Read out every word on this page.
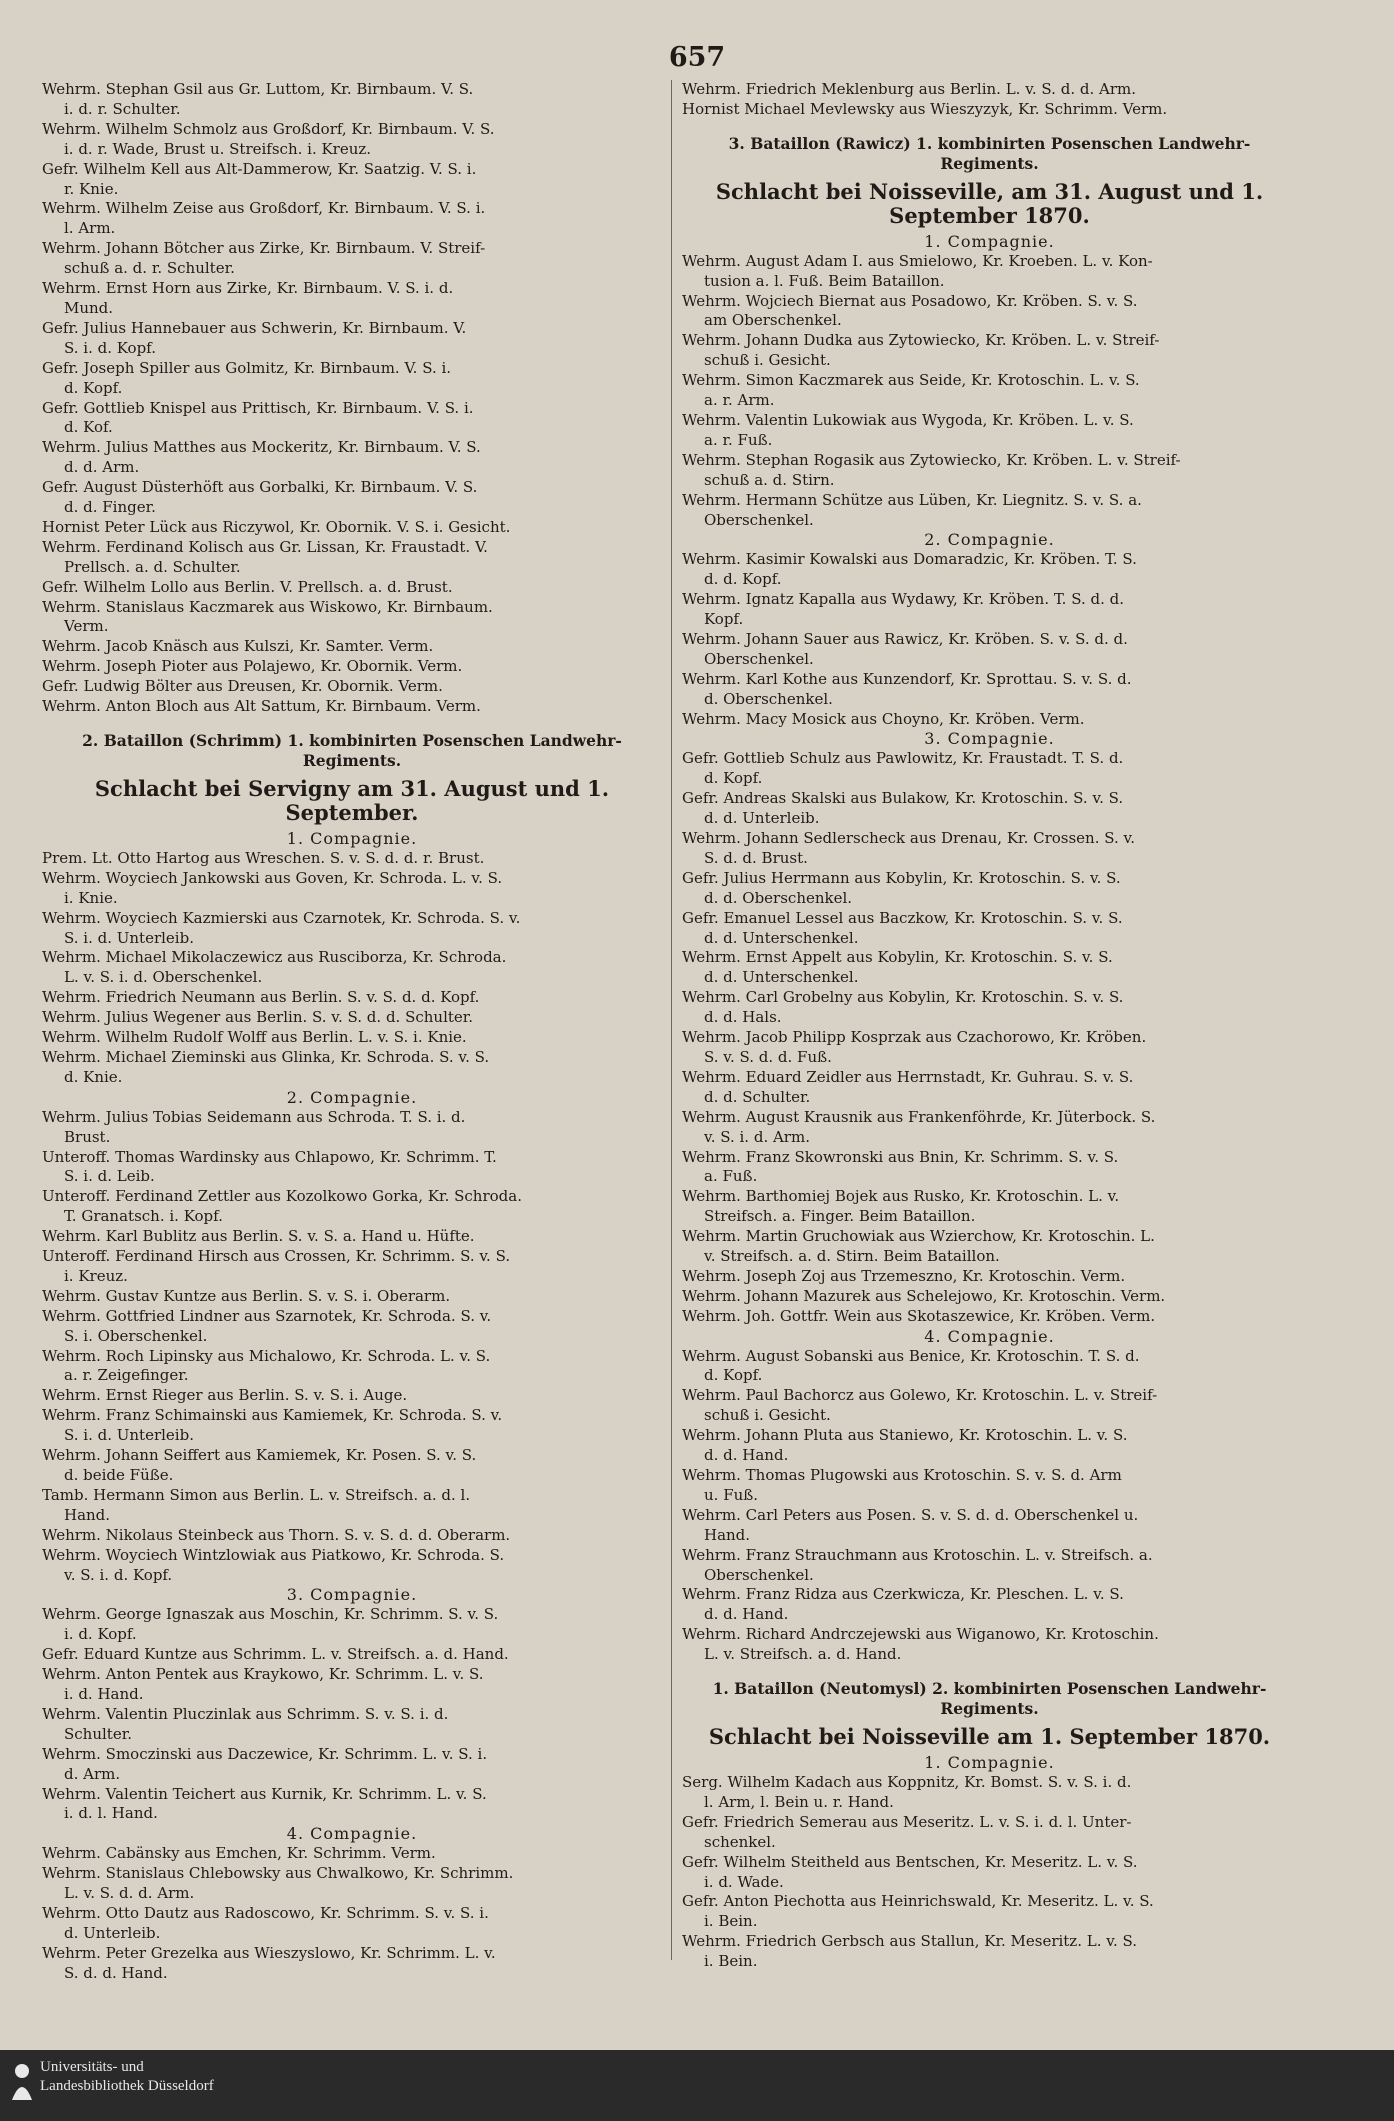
657

Wehrm. Stephan Gsil aus Gr. Luttom, Kr. Birnbaum. V. S.
i. d. r. Schulter.

Wehrm. Wilhelm Schmolz aus Großdorf, Kr. Birnbaum. V. S.
i. d. r. Wade, Brust u. Streifsch. i. Kreuz.

Gefr. Wilhelm Kell aus Alt-Dammerow, Kr. Saatzig. V. S. i.
r. Knie.

Wehrm. Wilhelm Zeise aus Großdorf, Kr. Birnbaum. V. S. i.
l. Arm.

Wehrm. Johann Bötcher aus Zirke, Kr. Birnbaum. V. Streif-
schuß a. d. r. Schulter.

Wehrm. Ernst Horn aus Zirke, Kr. Birnbaum. V. S. i. d.
Mund.

Gefr. Julius Hannebauer aus Schwerin, Kr. Birnbaum. V.
S. i. d. Kopf.

Gefr. Joseph Spiller aus Golmitz, Kr. Birnbaum. V. S. i.
d. Kopf.

Gefr. Gottlieb Knispel aus Prittisch, Kr. Birnbaum. V. S. i.
d. Kof.

Wehrm. Julius Matthes aus Mockeritz, Kr. Birnbaum. V. S.
d. d. Arm.

Gefr. August Düsterhöft aus Gorbalki, Kr. Birnbaum. V. S.
d. d. Finger.

Hornist Peter Lück aus Riczywol, Kr. Obornik. V. S. i. Gesicht.

Wehrm. Ferdinand Kolisch aus Gr. Lissan, Kr. Fraustadt. V.
Prellsch. a. d. Schulter.

Gefr. Wilhelm Lollo aus Berlin. V. Prellsch. a. d. Brust.

Wehrm. Stanislaus Kaczmarek aus Wiskowo, Kr. Birnbaum.
Verm.

Wehrm. Jacob Knäsch aus Kulszi, Kr. Samter. Verm.

Wehrm. Joseph Pioter aus Polajewo, Kr. Obornik. Verm.

Gefr. Ludwig Bölter aus Dreusen, Kr. Obornik. Verm.

Wehrm. Anton Bloch aus Alt Sattum, Kr. Birnbaum. Verm.

2. Bataillon (Schrimm) 1. kombinirten Posenschen Landwehr-Regiments.
Schlacht bei Servigny am 31. August und 1. September.
1. Compagnie.

Prem. Lt. Otto Hartog aus Wreschen. S. v. S. d. d. r. Brust.

Wehrm. Woyciech Jankowski aus Goven, Kr. Schroda. L. v. S.
i. Knie.

Wehrm. Woyciech Kazmierski aus Czarnotek, Kr. Schroda. S. v.
S. i. d. Unterleib.

Wehrm. Michael Mikolaczewicz aus Rusciborza, Kr. Schroda.
L. v. S. i. d. Oberschenkel.

Wehrm. Friedrich Neumann aus Berlin. S. v. S. d. d. Kopf.

Wehrm. Julius Wegener aus Berlin. S. v. S. d. d. Schulter.

Wehrm. Wilhelm Rudolf Wolff aus Berlin. L. v. S. i. Knie.

Wehrm. Michael Zieminski aus Glinka, Kr. Schroda. S. v. S.
d. Knie.

2. Compagnie.

Wehrm. Julius Tobias Seidemann aus Schroda. T. S. i. d.
Brust.

Unteroff. Thomas Wardinsky aus Chlapowo, Kr. Schrimm. T.
S. i. d. Leib.

Unteroff. Ferdinand Zettler aus Kozolkowo Gorka, Kr. Schroda.
T. Granatsch. i. Kopf.

Wehrm. Karl Bublitz aus Berlin. S. v. S. a. Hand u. Hüfte.

Unteroff. Ferdinand Hirsch aus Crossen, Kr. Schrimm. S. v. S.
i. Kreuz.

Wehrm. Gustav Kuntze aus Berlin. S. v. S. i. Oberarm.

Wehrm. Gottfried Lindner aus Szarnotek, Kr. Schroda. S. v.
S. i. Oberschenkel.

Wehrm. Roch Lipinsky aus Michalowo, Kr. Schroda. L. v. S.
a. r. Zeigefinger.

Wehrm. Ernst Rieger aus Berlin. S. v. S. i. Auge.

Wehrm. Franz Schimainski aus Kamiemek, Kr. Schroda. S. v.
S. i. d. Unterleib.

Wehrm. Johann Seiffert aus Kamiemek, Kr. Posen. S. v. S.
d. beide Füße.

Tamb. Hermann Simon aus Berlin. L. v. Streifsch. a. d. l.
Hand.

Wehrm. Nikolaus Steinbeck aus Thorn. S. v. S. d. d. Oberarm.

Wehrm. Woyciech Wintzlowiak aus Piatkowo, Kr. Schroda. S.
v. S. i. d. Kopf.

3. Compagnie.

Wehrm. George Ignaszak aus Moschin, Kr. Schrimm. S. v. S.
i. d. Kopf.

Gefr. Eduard Kuntze aus Schrimm. L. v. Streifsch. a. d. Hand.

Wehrm. Anton Pentek aus Kraykowo, Kr. Schrimm. L. v. S.
i. d. Hand.

Wehrm. Valentin Pluczinlak aus Schrimm. S. v. S. i. d.
Schulter.

Wehrm. Smoczinski aus Daczewice, Kr. Schrimm. L. v. S. i.
d. Arm.

Wehrm. Valentin Teichert aus Kurnik, Kr. Schrimm. L. v. S.
i. d. l. Hand.

4. Compagnie.

Wehrm. Cabänsky aus Emchen, Kr. Schrimm. Verm.

Wehrm. Stanislaus Chlebowsky aus Chwalkowo, Kr. Schrimm.
L. v. S. d. d. Arm.

Wehrm. Otto Dautz aus Radoscowo, Kr. Schrimm. S. v. S. i.
d. Unterleib.

Wehrm. Peter Grezelka aus Wieszyslowo, Kr. Schrimm. L. v.
S. d. d. Hand.

Wehrm. Friedrich Meklenburg aus Berlin. L. v. S. d. d. Arm.

Hornist Michael Mevlewsky aus Wieszyzyk, Kr. Schrimm. Verm.

3. Bataillon (Rawicz) 1. kombinirten Posenschen Landwehr-Regiments.
Schlacht bei Noisseville, am 31. August und 1. September 1870.
1. Compagnie.

Wehrm. August Adam I. aus Smielowo, Kr. Kroeben. L. v. Kon-
tusion a. l. Fuß. Beim Bataillon.

Wehrm. Wojciech Biernat aus Posadowo, Kr. Kröben. S. v. S.
am Oberschenkel.

Wehrm. Johann Dudka aus Zytowiecko, Kr. Kröben. L. v. Streif-
schuß i. Gesicht.

Wehrm. Simon Kaczmarek aus Seide, Kr. Krotoschin. L. v. S.
a. r. Arm.

Wehrm. Valentin Lukowiak aus Wygoda, Kr. Kröben. L. v. S.
a. r. Fuß.

Wehrm. Stephan Rogasik aus Zytowiecko, Kr. Kröben. L. v. Streif-
schuß a. d. Stirn.

Wehrm. Hermann Schütze aus Lüben, Kr. Liegnitz. S. v. S. a.
Oberschenkel.

2. Compagnie.

Wehrm. Kasimir Kowalski aus Domaradzic, Kr. Kröben. T. S.
d. d. Kopf.

Wehrm. Ignatz Kapalla aus Wydawy, Kr. Kröben. T. S. d. d.
Kopf.

Wehrm. Johann Sauer aus Rawicz, Kr. Kröben. S. v. S. d. d.
Oberschenkel.

Wehrm. Karl Kothe aus Kunzendorf, Kr. Sprottau. S. v. S. d.
d. Oberschenkel.

Wehrm. Macy Mosick aus Choyno, Kr. Kröben. Verm.

3. Compagnie.

Gefr. Gottlieb Schulz aus Pawlowitz, Kr. Fraustadt. T. S. d.
d. Kopf.

Gefr. Andreas Skalski aus Bulakow, Kr. Krotoschin. S. v. S.
d. d. Unterleib.

Wehrm. Johann Sedlerscheck aus Drenau, Kr. Crossen. S. v.
S. d. d. Brust.

Gefr. Julius Herrmann aus Kobylin, Kr. Krotoschin. S. v. S.
d. d. Oberschenkel.

Gefr. Emanuel Lessel aus Baczkow, Kr. Krotoschin. S. v. S.
d. d. Unterschenkel.

Wehrm. Ernst Appelt aus Kobylin, Kr. Krotoschin. S. v. S.
d. d. Unterschenkel.

Wehrm. Carl Grobelny aus Kobylin, Kr. Krotoschin. S. v. S.
d. d. Hals.

Wehrm. Jacob Philipp Kosprzak aus Czachorowo, Kr. Kröben.
S. v. S. d. d. Fuß.

Wehrm. Eduard Zeidler aus Herrnstadt, Kr. Guhrau. S. v. S.
d. d. Schulter.

Wehrm. August Krausnik aus Frankenföhrde, Kr. Jüterbock. S.
v. S. i. d. Arm.

Wehrm. Franz Skowronski aus Bnin, Kr. Schrimm. S. v. S.
a. Fuß.

Wehrm. Barthomiej Bojek aus Rusko, Kr. Krotoschin. L. v.
Streifsch. a. Finger. Beim Bataillon.

Wehrm. Martin Gruchowiak aus Wzierchow, Kr. Krotoschin. L.
v. Streifsch. a. d. Stirn. Beim Bataillon.

Wehrm. Joseph Zoj aus Trzemeszno, Kr. Krotoschin. Verm.

Wehrm. Johann Mazurek aus Schelejowo, Kr. Krotoschin. Verm.

Wehrm. Joh. Gottfr. Wein aus Skotaszewice, Kr. Kröben. Verm.

4. Compagnie.

Wehrm. August Sobanski aus Benice, Kr. Krotoschin. T. S. d.
d. Kopf.

Wehrm. Paul Bachorcz aus Golewo, Kr. Krotoschin. L. v. Streif-
schuß i. Gesicht.

Wehrm. Johann Pluta aus Staniewo, Kr. Krotoschin. L. v. S.
d. d. Hand.

Wehrm. Thomas Plugowski aus Krotoschin. S. v. S. d. Arm
u. Fuß.

Wehrm. Carl Peters aus Posen. S. v. S. d. d. Oberschenkel u.
Hand.

Wehrm. Franz Strauchmann aus Krotoschin. L. v. Streifsch. a.
Oberschenkel.

Wehrm. Franz Ridza aus Czerkwicza, Kr. Pleschen. L. v. S.
d. d. Hand.

Wehrm. Richard Andrczejewski aus Wiganowo, Kr. Krotoschin.
L. v. Streifsch. a. d. Hand.

1. Bataillon (Neutomysl) 2. kombinirten Posenschen Landwehr-Regiments.
Schlacht bei Noisseville am 1. September 1870.
1. Compagnie.

Serg. Wilhelm Kadach aus Koppnitz, Kr. Bomst. S. v. S. i. d.
l. Arm, l. Bein u. r. Hand.

Gefr. Friedrich Semerau aus Meseritz. L. v. S. i. d. l. Unter-
schenkel.

Gefr. Wilhelm Steitheld aus Bentschen, Kr. Meseritz. L. v. S.
i. d. Wade.

Gefr. Anton Piechotta aus Heinrichswald, Kr. Meseritz. L. v. S.
i. Bein.

Wehrm. Friedrich Gerbsch aus Stallun, Kr. Meseritz. L. v. S.
i. Bein.

Universitäts- und
Landesbibliothek Düsseldorf
